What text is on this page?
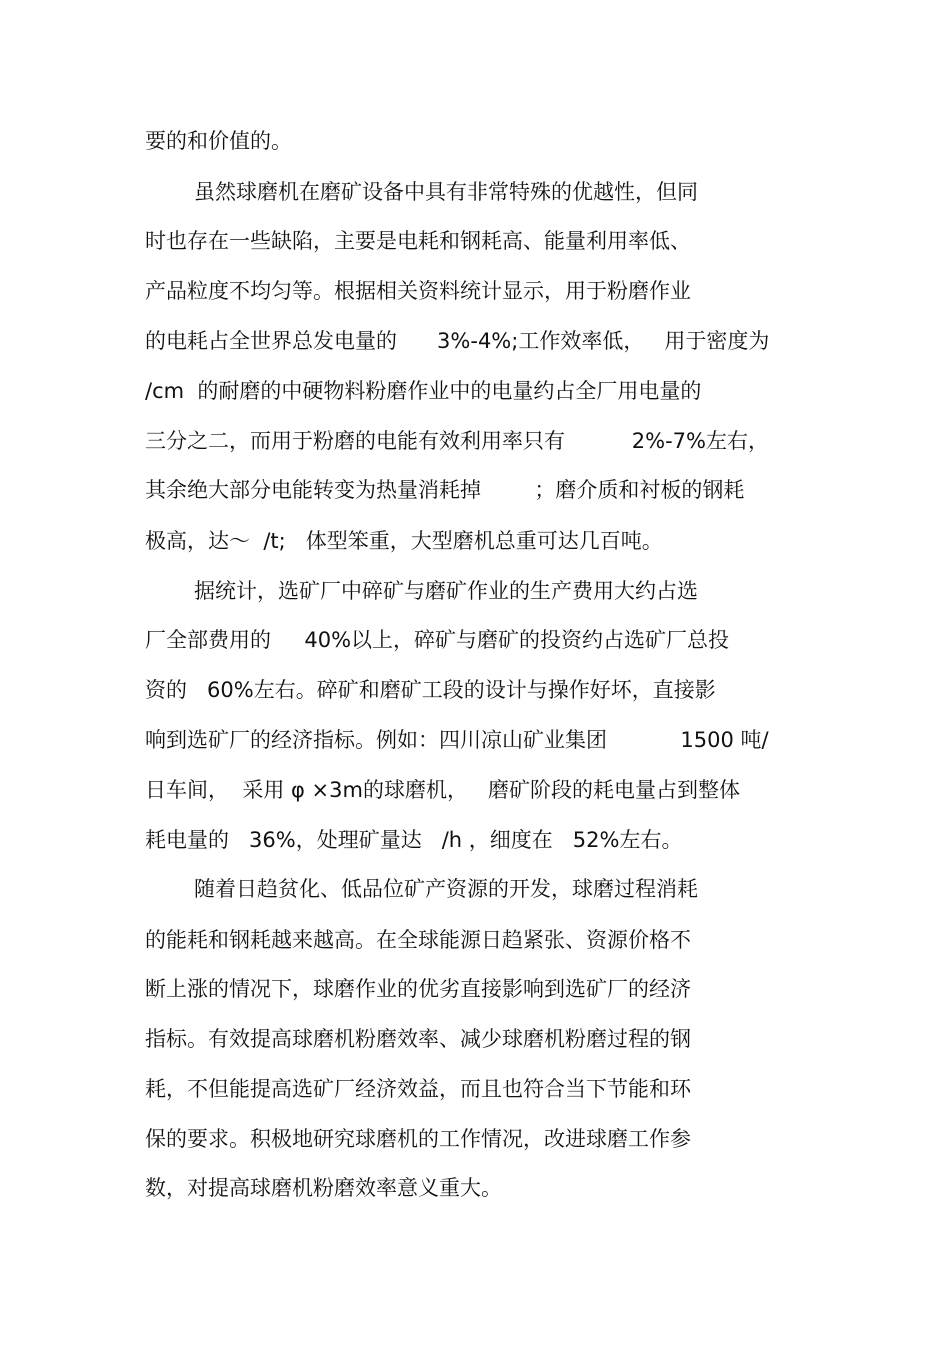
要的和价值的。
虽然球磨机在磨矿设备中具有非常特殊的优越性，但同
时也存在一些缺陷，主要是电耗和钢耗高、能量利用率低、
产品粒度不均匀等。根据相关资料统计显示，用于粉磨作业
的电耗占全世界总发电量的      3%-4%;工作效率低，   用于密度为
/cm  的耐磨的中硬物料粉磨作业中的电量约占全厂用电量的
三分之二，而用于粉磨的电能有效利用率只有          2%-7%左右，
其余绝大部分电能转变为热量消耗掉        ；磨介质和衬板的钢耗
极高，达～  /t;   体型笨重，大型磨机总重可达几百吨。
据统计，选矿厂中碎矿与磨矿作业的生产费用大约占选
厂全部费用的     40%以上，碎矿与磨矿的投资约占选矿厂总投
资的   60%左右。碎矿和磨矿工段的设计与操作好坏，直接影
响到选矿厂的经济指标。例如：四川凉山矿业集团           1500 吨/
日车间，  采用 φ ×3m的球磨机，   磨矿阶段的耗电量占到整体
耗电量的   36%，处理矿量达   /h ，细度在   52%左右。
随着日趋贫化、低品位矿产资源的开发，球磨过程消耗
的能耗和钢耗越来越高。在全球能源日趋紧张、资源价格不
断上涨的情况下，球磨作业的优劣直接影响到选矿厂的经济
指标。有效提高球磨机粉磨效率、减少球磨机粉磨过程的钢
耗，不但能提高选矿厂经济效益，而且也符合当下节能和环
保的要求。积极地研究球磨机的工作情况，改进球磨工作参
数，对提高球磨机粉磨效率意义重大。
